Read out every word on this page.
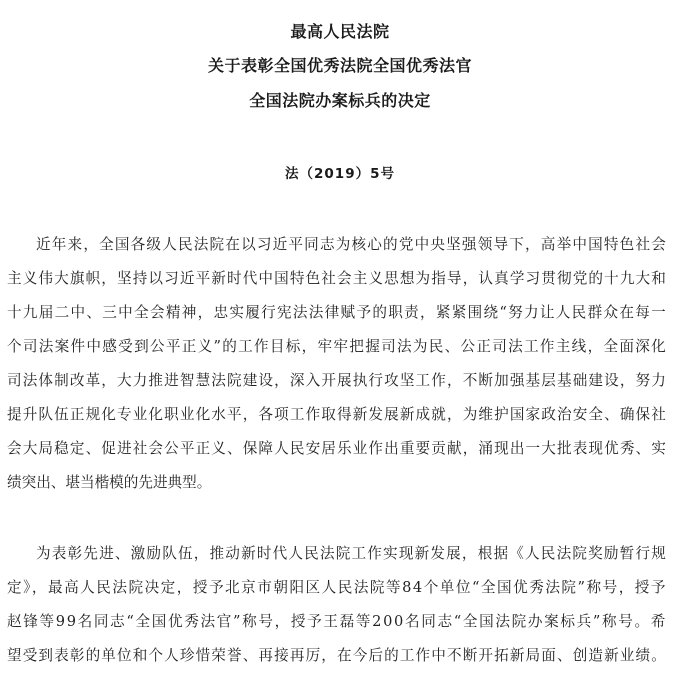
最高人民法院
关于表彰全国优秀法院全国优秀法官
全国法院办案标兵的决定
法（2019）5号
近年来，全国各级人民法院在以习近平同志为核心的党中央坚强领导下，高举中国特色社会
主义伟大旗帜，坚持以习近平新时代中国特色社会主义思想为指导，认真学习贯彻党的十九大和
十九届二中、三中全会精神，忠实履行宪法法律赋予的职责，紧紧围绕“努力让人民群众在每一
个司法案件中感受到公平正义”的工作目标，牢牢把握司法为民、公正司法工作主线，全面深化
司法体制改革，大力推进智慧法院建设，深入开展执行攻坚工作，不断加强基层基础建设，努力
提升队伍正规化专业化职业化水平，各项工作取得新发展新成就，为维护国家政治安全、确保社
会大局稳定、促进社会公平正义、保障人民安居乐业作出重要贡献，涌现出一大批表现优秀、实
绩突出、堪当楷模的先进典型。
为表彰先进、激励队伍，推动新时代人民法院工作实现新发展，根据《人民法院奖励暂行规
定》，最高人民法院决定，授予北京市朝阳区人民法院等84个单位“全国优秀法院”称号，授予
赵锋等99名同志“全国优秀法官”称号，授予王磊等200名同志“全国法院办案标兵”称号。希
望受到表彰的单位和个人珍惜荣誉、再接再厉，在今后的工作中不断开拓新局面、创造新业绩。
